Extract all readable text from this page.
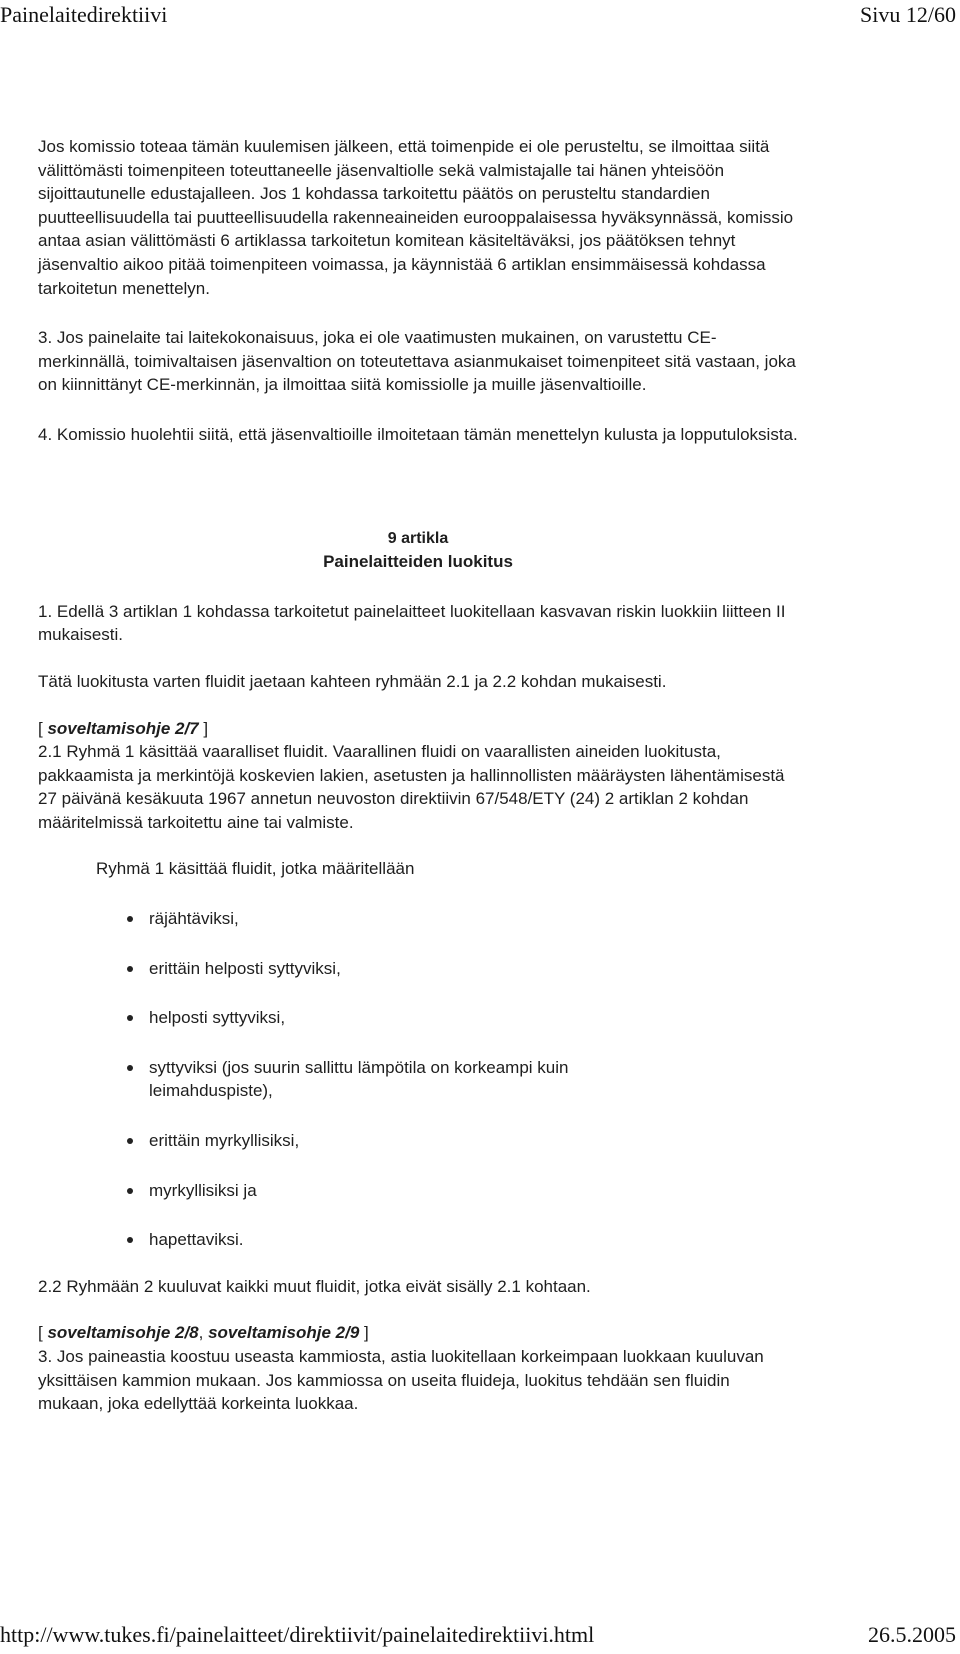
Painelaitedirektiivi	Sivu 12/60

Jos komissio toteaa tämän kuulemisen jälkeen, että toimenpide ei ole perusteltu, se ilmoittaa siitä välittömästi toimenpiteen toteuttaneelle jäsenvaltiolle sekä valmistajalle tai hänen yhteisöön sijoittautunelle edustajalleen. Jos 1 kohdassa tarkoitettu päätös on perusteltu standardien puutteellisuudella tai puutteellisuudella rakenneaineiden eurooppalaisessa hyväksynnässä, komissio antaa asian välittömästi 6 artiklassa tarkoitetun komitean käsiteltäväksi, jos päätöksen tehnyt jäsenvaltio aikoo pitää toimenpiteen voimassa, ja käynnistää 6 artiklan ensimmäisessä kohdassa tarkoitetun menettelyn.

3. Jos painelaite tai laitekokonaisuus, joka ei ole vaatimusten mukainen, on varustettu CE-merkinnällä, toimivaltaisen jäsenvaltion on toteutettava asianmukaiset toimenpiteet sitä vastaan, joka on kiinnittänyt CE-merkinnän, ja ilmoittaa siitä komissiolle ja muille jäsenvaltioille.

4. Komissio huolehtii siitä, että jäsenvaltioille ilmoitetaan tämän menettelyn kulusta ja lopputuloksista.

9 artikla

Painelaitteiden luokitus

1. Edellä 3 artiklan 1 kohdassa tarkoitetut painelaitteet luokitellaan kasvavan riskin luokkiin liitteen II mukaisesti.

Tätä luokitusta varten fluidit jaetaan kahteen ryhmään 2.1 ja 2.2 kohdan mukaisesti.

[ soveltamisohje 2/7 ]

2.1 Ryhmä 1 käsittää vaaralliset fluidit. Vaarallinen fluidi on vaarallisten aineiden luokitusta, pakkaamista ja merkintöjä koskevien lakien, asetusten ja hallinnollisten määräysten lähentämisestä 27 päivänä kesäkuuta 1967 annetun neuvoston direktiivin 67/548/ETY (24) 2 artiklan 2 kohdan määritelmissä tarkoitettu aine tai valmiste.

Ryhmä 1 käsittää fluidit, jotka määritellään

räjähtäviksi,
erittäin helposti syttyviksi,
helposti syttyviksi,
syttyviksi (jos suurin sallittu lämpötila on korkeampi kuin leimahduspiste),
erittäin myrkyllisiksi,
myrkyllisiksi ja
hapettaviksi.

2.2 Ryhmään 2 kuuluvat kaikki muut fluidit, jotka eivät sisälly 2.1 kohtaan.

[ soveltamisohje 2/8, soveltamisohje 2/9 ]

3. Jos paineastia koostuu useasta kammiosta, astia luokitellaan korkeimpaan luokkaan kuuluvan yksittäisen kammion mukaan. Jos kammiossa on useita fluideja, luokitus tehdään sen fluidin mukaan, joka edellyttää korkeinta luokkaa.

http://www.tukes.fi/painelaitteet/direktiivit/painelaitedirektiivi.html	26.5.2005
